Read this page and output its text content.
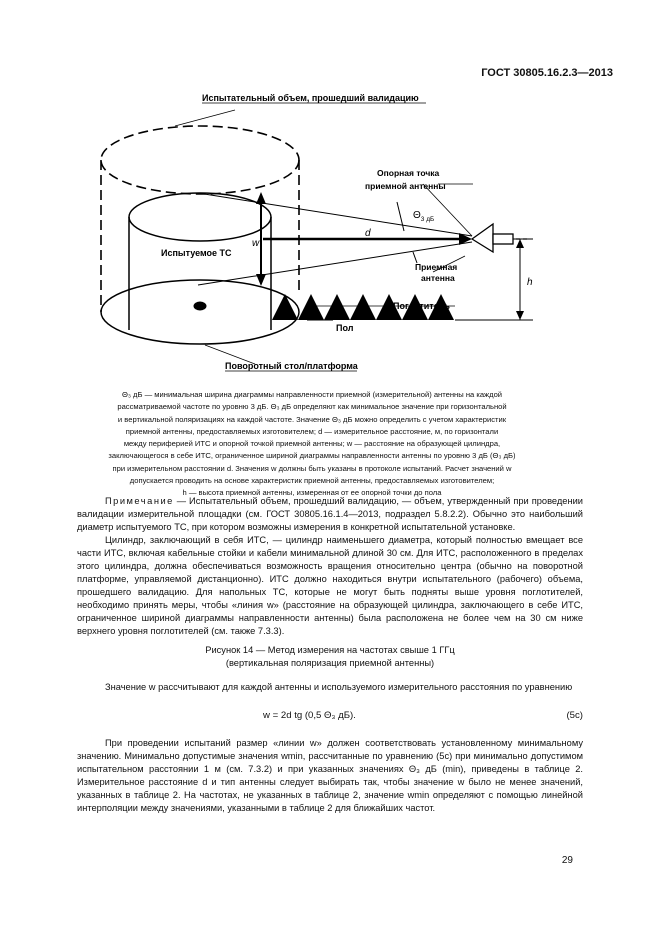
ГОСТ 30805.16.2.3—2013
Испытательный объем, прошедший валидацию
Опорная точка
приемной антенны
$\Theta_{3 дБ}$
d
w
h
Испытуемое ТС
Приемная
антенна
Поглотитель
Пол
Поворотный стол/платформа

Θ₃ дБ — минимальная ширина диаграммы направленности приемной (измерительной) антенны на каждой

рассматриваемой частоте по уровню 3 дБ. Θ₃ дБ определяют как минимальное значение при горизонтальной

и вертикальной поляризациях на каждой частоте. Значение Θ₃ дБ можно определить с учетом характеристик

приемной антенны, предоставляемых изготовителем; d — измерительное расстояние, м, по горизонтали

между периферией ИТС и опорной точкой приемной антенны; w — расстояние на образующей цилиндра,

заключающегося в себе ИТС, ограниченное шириной диаграммы направленности антенны по уровню 3 дБ (Θ₃ дБ)

при измерительном расстоянии d. Значения w должны быть указаны в протоколе испытаний. Расчет значений w

допускается проводить на основе характеристик приемной антенны, предоставляемых изготовителем;

h — высота приемной антенны, измеренная от ее опорной точки до пола

Примечание — Испытательный объем, прошедший валидацию, — объем, утвержденный при проведении валидации измерительной площадки (см. ГОСТ 30805.16.1.4—2013, подраздел 5.8.2.2). Обычно это наибольший диаметр испытуемого ТС, при котором возможны измерения в конкретной испытательной установке.

Цилиндр, заключающий в себя ИТС, — цилиндр наименьшего диаметра, который полностью вмещает все части ИТС, включая кабельные стойки и кабели минимальной длиной 30 см. Для ИТС, расположенного в пределах этого цилиндра, должна обеспечиваться возможность вращения относительно центра (обычно на поворотной платформе, управляемой дистанционно). ИТС должно находиться внутри испытательного (рабочего) объема, прошедшего валидацию. Для напольных ТС, которые не могут быть подняты выше уровня поглотителей, необходимо принять меры, чтобы «линия w» (расстояние на образующей цилиндра, заключающего в себе ИТС, ограниченное шириной диаграммы направленности антенны) была расположена не более чем на 30 см ниже верхнего уровня поглотителей (см. также 7.3.3).

Рисунок 14 — Метод измерения на частотах свыше 1 ГГц
(вертикальная поляризация приемной антенны)

Значение w рассчитывают для каждой антенны и используемого измерительного расстояния по уравнению

w = 2d tg (0,5 Θ₃ дБ).	(5c)

При проведении испытаний размер «линии w» должен соответствовать установленному минимальному значению. Минимально допустимые значения wmin, рассчитанные по уравнению (5с) при минимально допустимом испытательном расстоянии 1 м (см. 7.3.2) и при указанных значениях Θ₃ дБ (min), приведены в таблице 2. Измерительное расстояние d и тип антенны следует выбирать так, чтобы значение w было не менее значений, указанных в таблице 2. На частотах, не указанных в таблице 2, значение wmin определяют с помощью линейной интерполяции между значениями, указанными в таблице 2 для ближайших частот.

29
